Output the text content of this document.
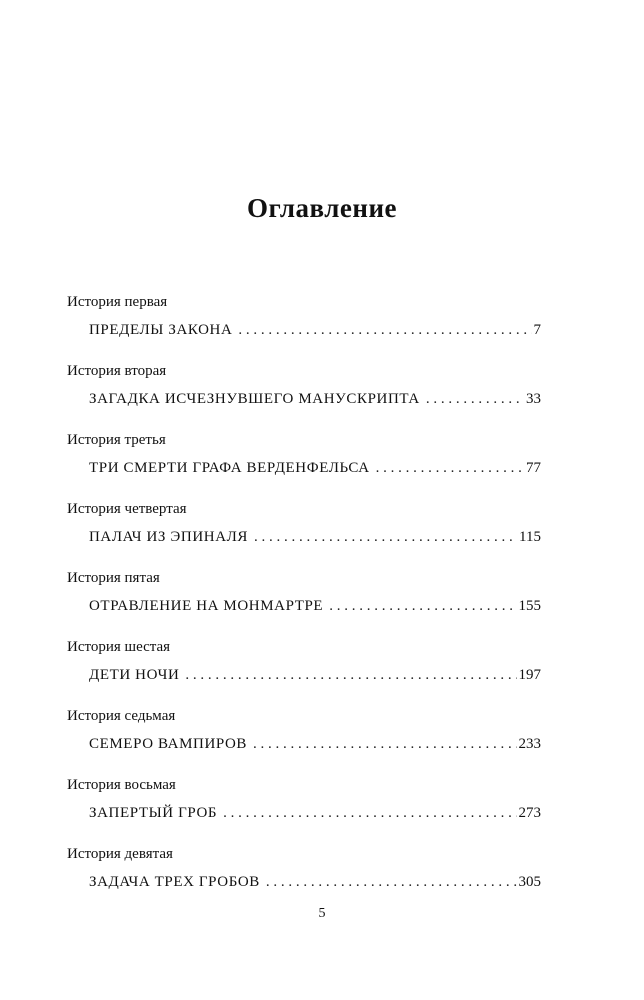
Оглавление
История первая
ПРЕДЕЛЫ ЗАКОНА . . .	7
История вторая
ЗАГАДКА ИСЧЕЗНУВШЕГО МАНУСКРИПТА . . .	33
История третья
ТРИ СМЕРТИ ГРАФА ВЕРДЕНФЕЛЬСА . . .	77
История четвертая
ПАЛАЧ ИЗ ЭПИНАЛЯ . . .	115
История пятая
ОТРАВЛЕНИЕ НА МОНМАРТРЕ . . .	155
История шестая
ДЕТИ НОЧИ . . .	197
История седьмая
СЕМЕРО ВАМПИРОВ . . .	233
История восьмая
ЗАПЕРТЫЙ ГРОБ . . .	273
История девятая
ЗАДАЧА ТРЕХ ГРОБОВ . . .	305
5
